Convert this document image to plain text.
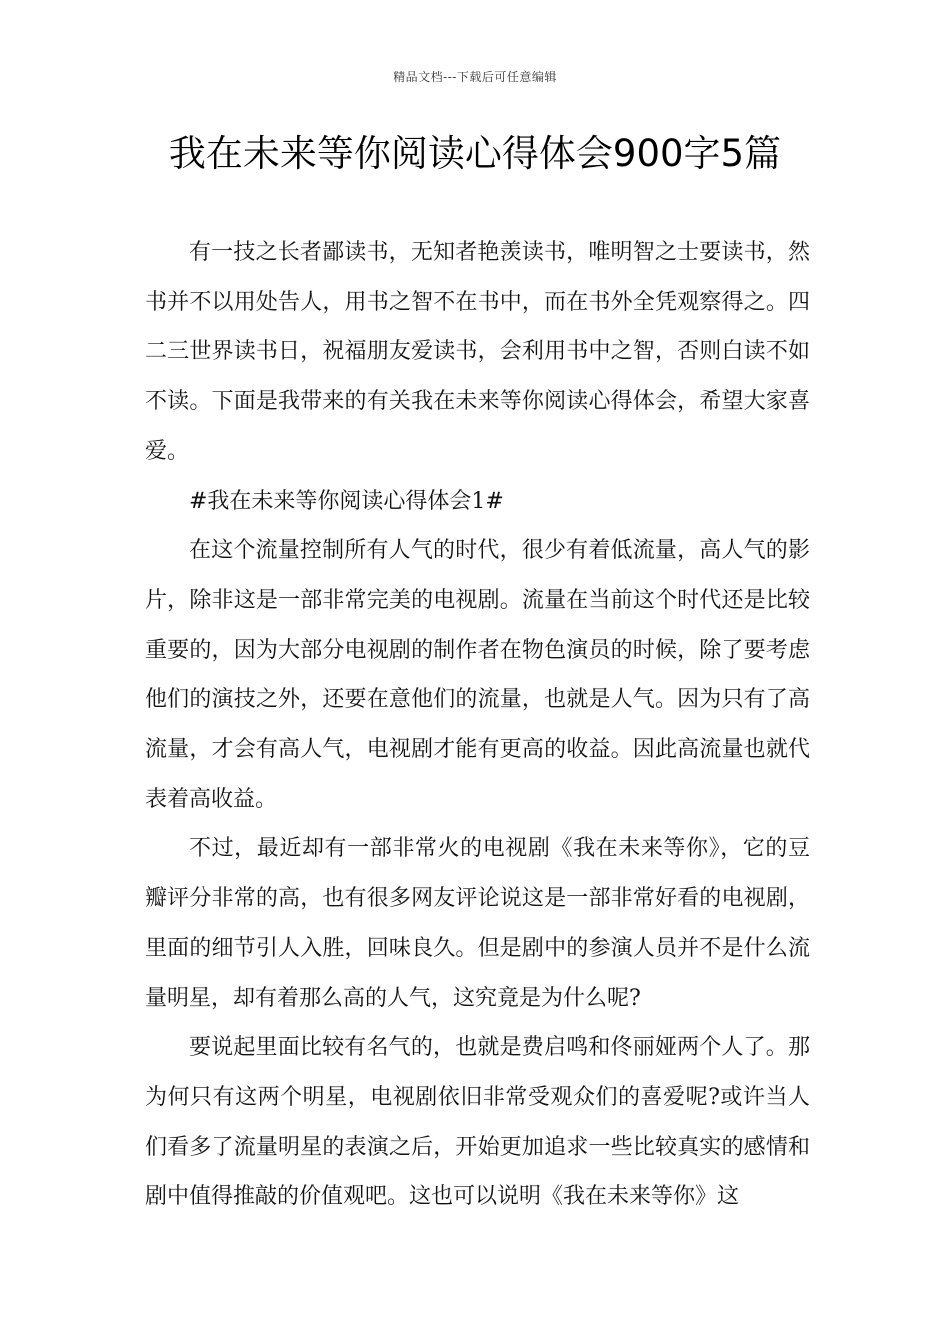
精品文档---下载后可任意编辑
我在未来等你阅读心得体会900字5篇

有一技之长者鄙读书，无知者艳羡读书，唯明智之士要读书，然书并不以用处告人，用书之智不在书中，而在书外全凭观察得之。四二三世界读书日，祝福朋友爱读书，会利用书中之智，否则白读不如不读。下面是我带来的有关我在未来等你阅读心得体会，希望大家喜爱。

#我在未来等你阅读心得体会1#

在这个流量控制所有人气的时代，很少有着低流量，高人气的影片，除非这是一部非常完美的电视剧。流量在当前这个时代还是比较重要的，因为大部分电视剧的制作者在物色演员的时候，除了要考虑他们的演技之外，还要在意他们的流量，也就是人气。因为只有了高流量，才会有高人气，电视剧才能有更高的收益。因此高流量也就代表着高收益。

不过，最近却有一部非常火的电视剧《我在未来等你》，它的豆瓣评分非常的高，也有很多网友评论说这是一部非常好看的电视剧，里面的细节引人入胜，回味良久。但是剧中的参演人员并不是什么流量明星，却有着那么高的人气，这究竟是为什么呢?

要说起里面比较有名气的，也就是费启鸣和佟丽娅两个人了。那为何只有这两个明星，电视剧依旧非常受观众们的喜爱呢?或许当人们看多了流量明星的表演之后，开始更加追求一些比较真实的感情和剧中值得推敲的价值观吧。这也可以说明《我在未来等你》这
